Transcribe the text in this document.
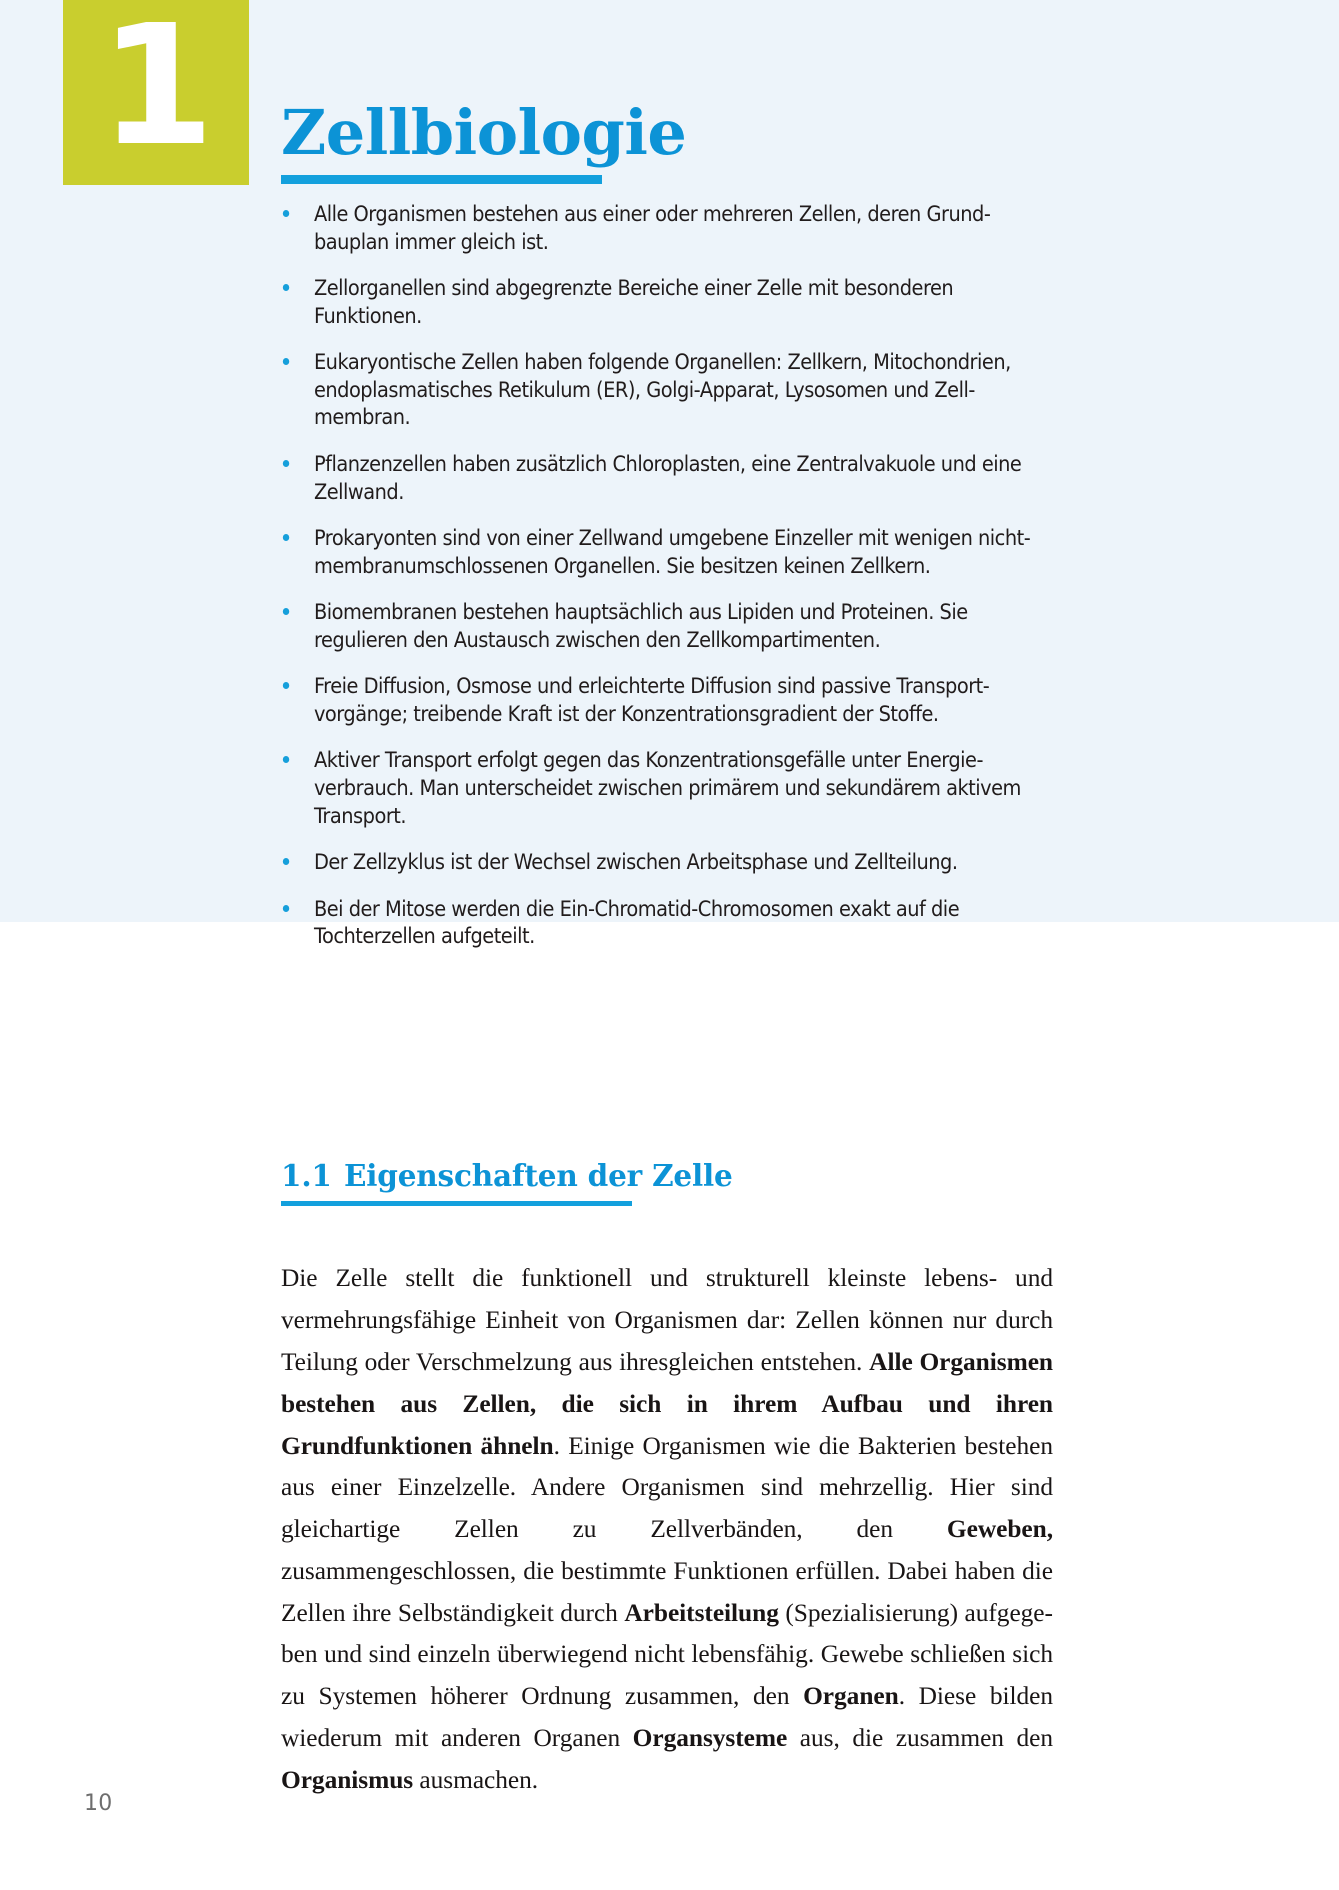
1 Zellbiologie
Alle Organismen bestehen aus einer oder mehreren Zellen, deren Grundbauplan immer gleich ist.
Zellorganellen sind abgegrenzte Bereiche einer Zelle mit besonderen Funktionen.
Eukaryontische Zellen haben folgende Organellen: Zellkern, Mitochondrien, endoplasmatisches Retikulum (ER), Golgi-Apparat, Lysosomen und Zellmembran.
Pflanzenzellen haben zusätzlich Chloroplasten, eine Zentralvakuole und eine Zellwand.
Prokaryonten sind von einer Zellwand umgebene Einzeller mit wenigen nicht-membranumschlossenen Organellen. Sie besitzen keinen Zellkern.
Biomembranen bestehen hauptsächlich aus Lipiden und Proteinen. Sie regulieren den Austausch zwischen den Zellkompartimenten.
Freie Diffusion, Osmose und erleichterte Diffusion sind passive Transportvorgänge; treibende Kraft ist der Konzentrationsgradient der Stoffe.
Aktiver Transport erfolgt gegen das Konzentrationsgefälle unter Energieverbrauch. Man unterscheidet zwischen primärem und sekundärem aktivem Transport.
Der Zellzyklus ist der Wechsel zwischen Arbeitsphase und Zellteilung.
Bei der Mitose werden die Ein-Chromatid-Chromosomen exakt auf die Tochterzellen aufgeteilt.
1.1 Eigenschaften der Zelle

Die Zelle stellt die funktionell und strukturell kleinste lebens- und vermehrungsfähige Einheit von Organismen dar: Zellen können nur durch Teilung oder Verschmelzung aus ihresgleichen entstehen. Alle Organismen bestehen aus Zellen, die sich in ihrem Aufbau und ihren Grundfunktionen ähneln. Einige Organismen wie die Bakterien bestehen aus einer Einzelzelle. Andere Organismen sind mehrzellig. Hier sind gleichartige Zellen zu Zellverbänden, den Geweben, zusammengeschlossen, die bestimmte Funktionen erfüllen. Dabei haben die Zellen ihre Selbständigkeit durch Arbeitsteilung (Spezialisierung) aufgegeben und sind einzeln überwiegend nicht lebensfähig. Gewebe schließen sich zu Systemen höherer Ordnung zusammen, den Organen. Diese bilden wiederum mit anderen Organen Organsysteme aus, die zusammen den Organismus ausmachen.

10
